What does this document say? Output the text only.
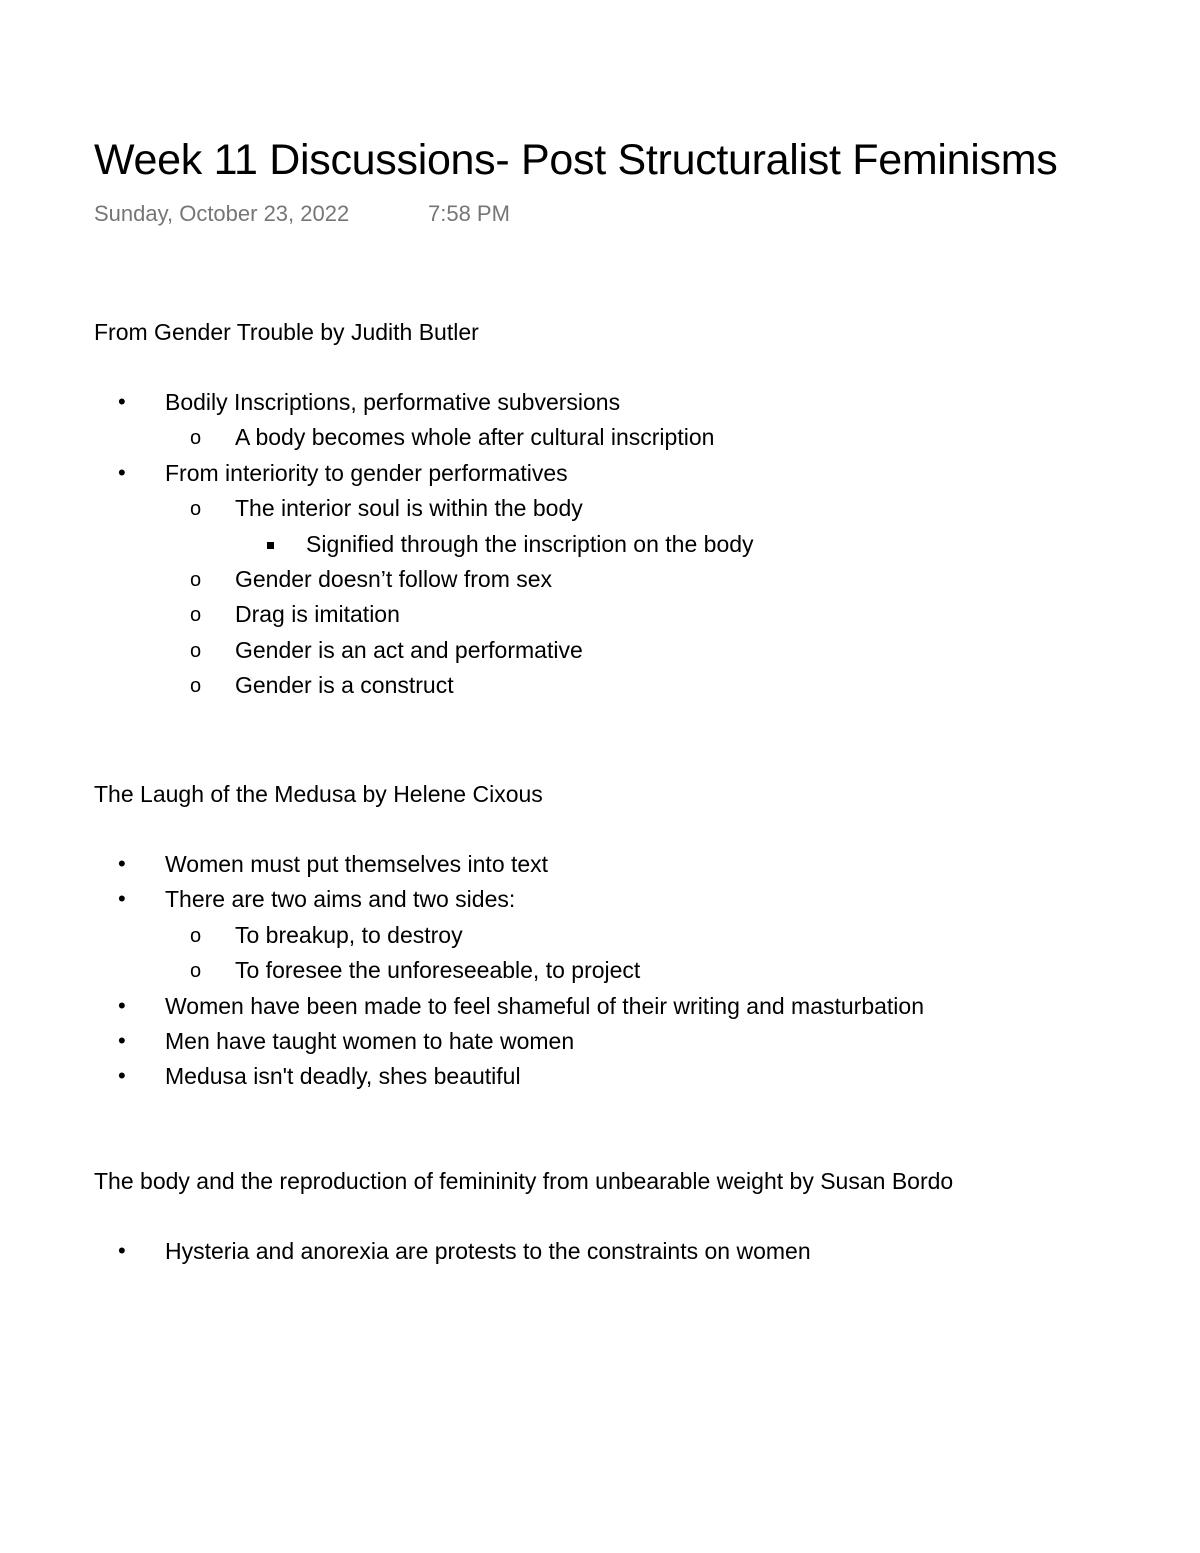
Week 11 Discussions- Post Structuralist Feminisms
Sunday, October 23, 2022	7:58 PM
From Gender Trouble by Judith Butler
• Bodily Inscriptions, performative subversions
o A body becomes whole after cultural inscription
• From interiority to gender performatives
o The interior soul is within the body
Signified through the inscription on the body
o Gender doesn’t follow from sex
o Drag is imitation
o Gender is an act and performative
o Gender is a construct
The Laugh of the Medusa by Helene Cixous
• Women must put themselves into text
• There are two aims and two sides:
o To breakup, to destroy
o To foresee the unforeseeable, to project
• Women have been made to feel shameful of their writing and masturbation
• Men have taught women to hate women
• Medusa isn't deadly, shes beautiful
The body and the reproduction of femininity from unbearable weight by Susan Bordo
• Hysteria and anorexia are protests to the constraints on women
